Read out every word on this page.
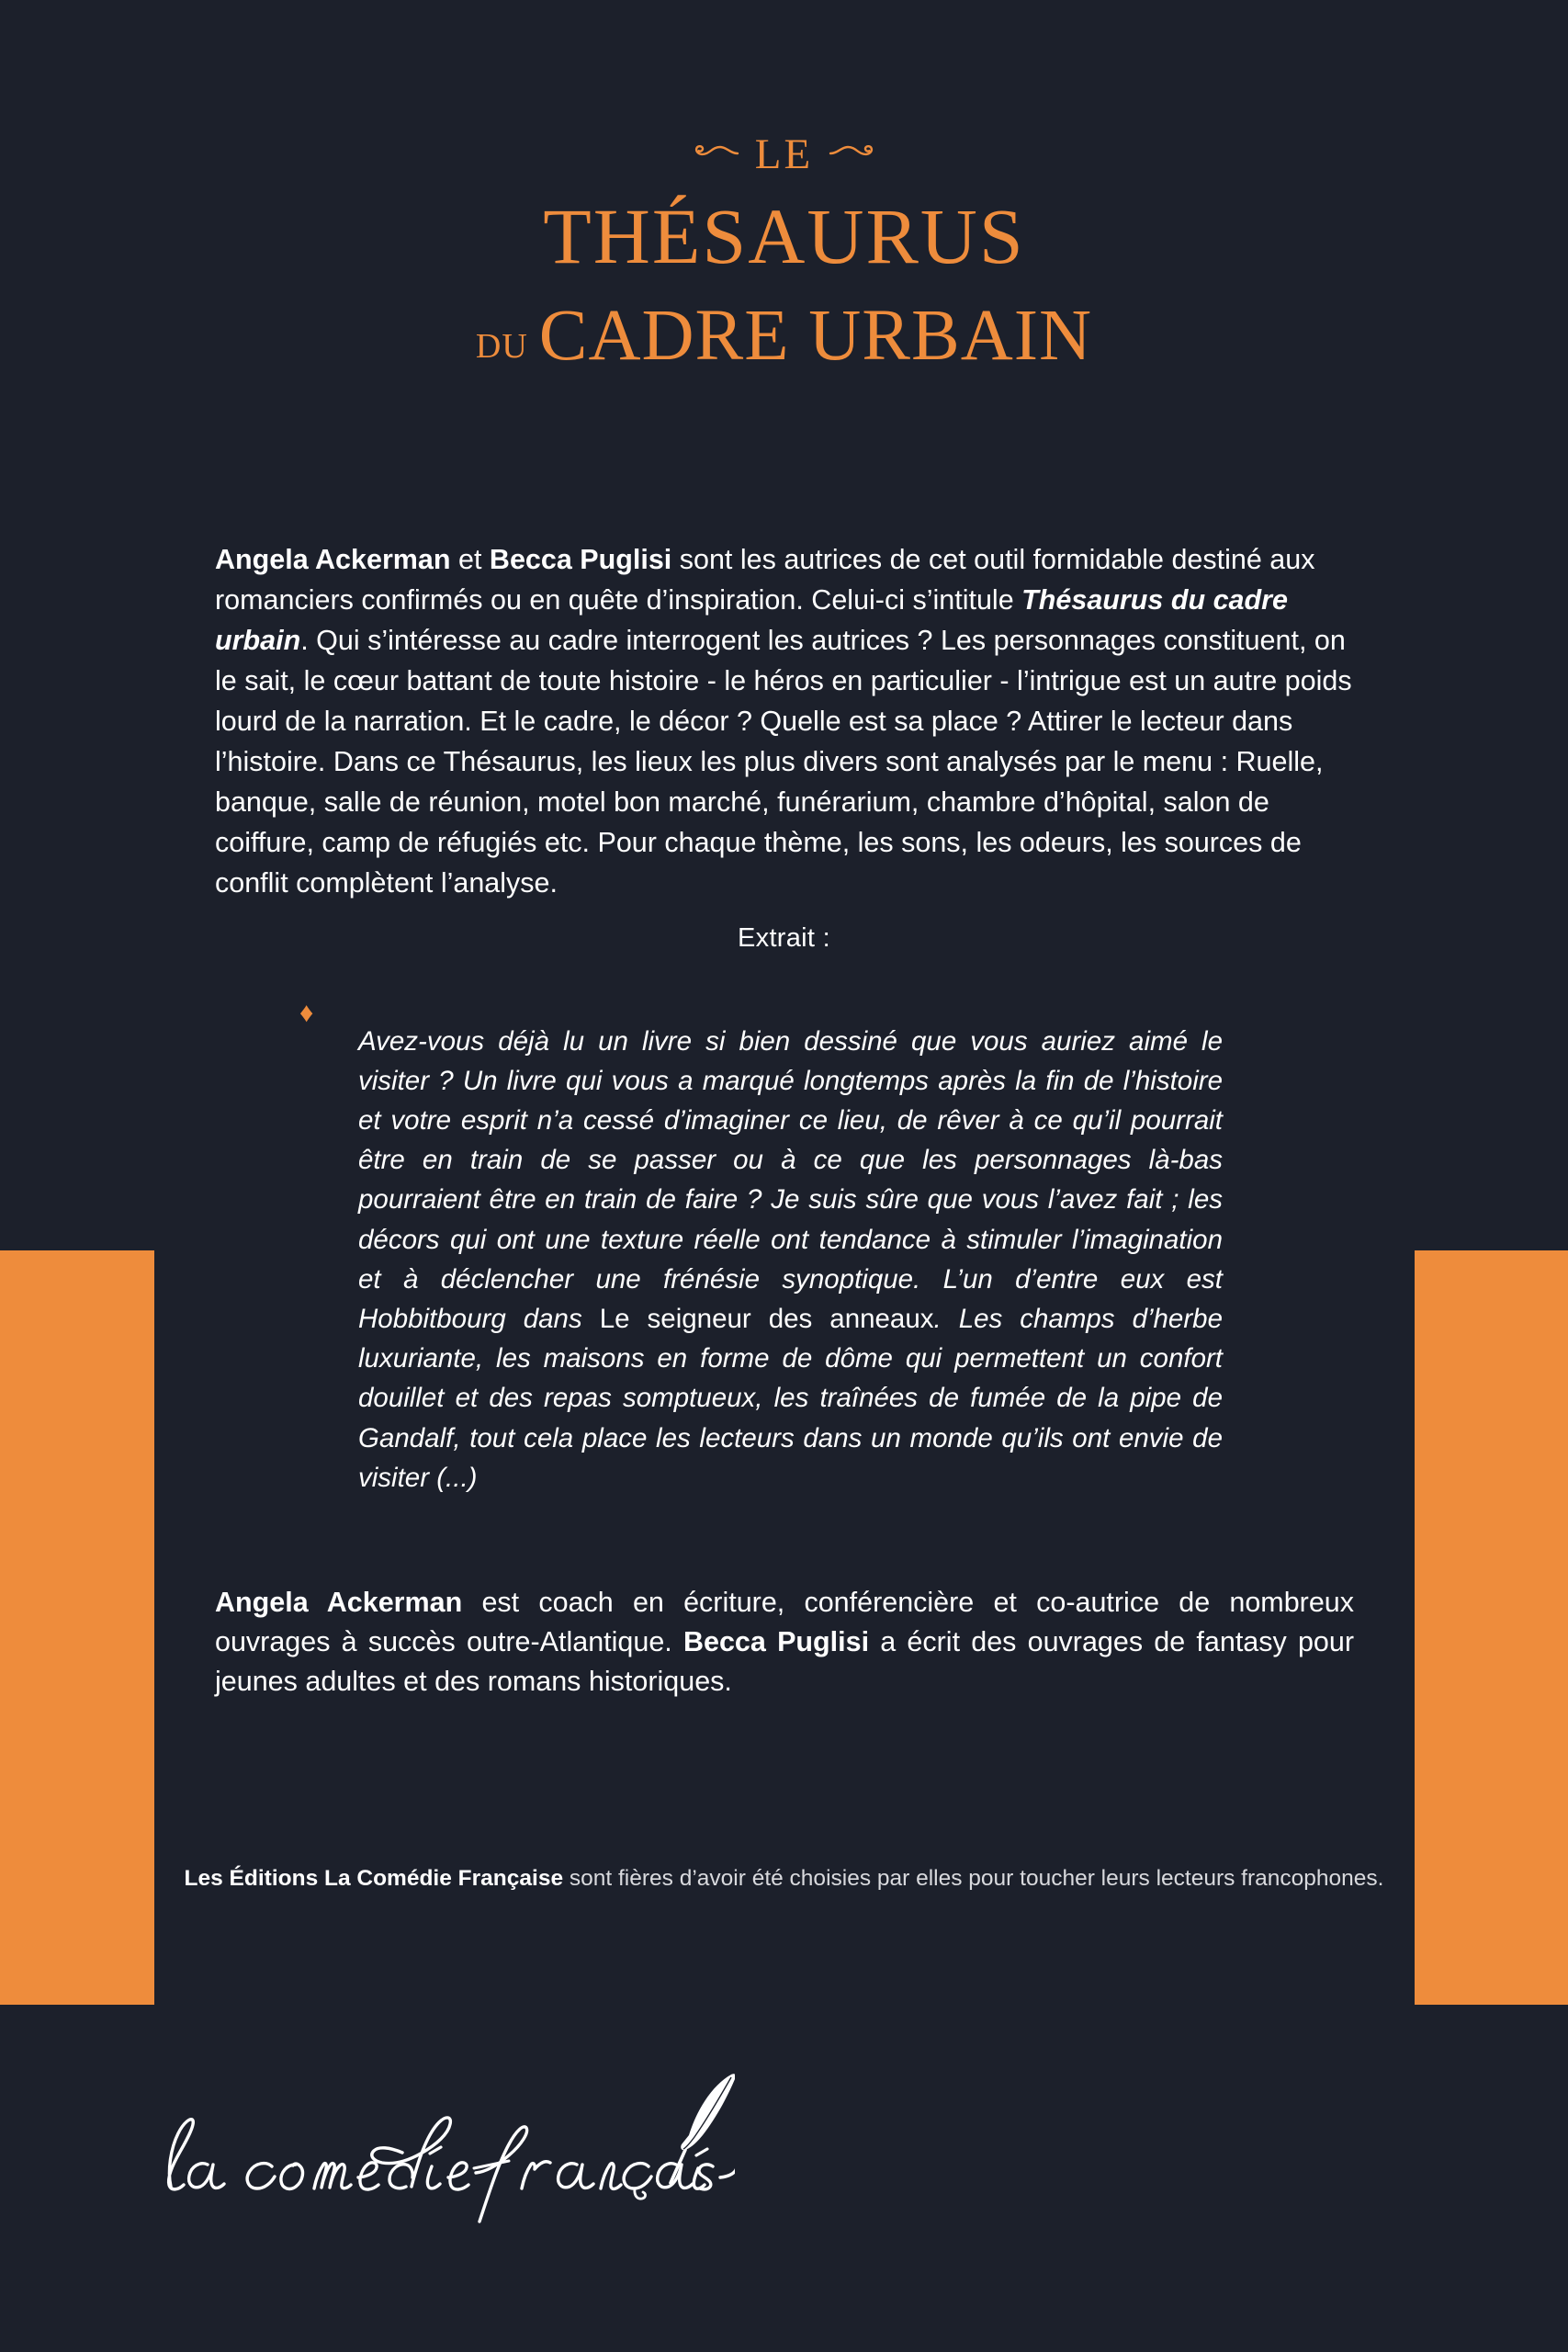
LE
THÉSAURUS
DU CADRE URBAIN

Angela Ackerman et Becca Puglisi sont les autrices de cet outil formidable destiné aux romanciers confirmés ou en quête d’inspiration. Celui-ci s’intitule Thésaurus du cadre urbain. Qui s’intéresse au cadre interrogent les autrices ? Les personnages constituent, on le sait, le cœur battant de toute histoire - le héros en particulier - l’intrigue est un autre poids lourd de la narration. Et le cadre, le décor ? Quelle est sa place ? Attirer le lecteur dans l’histoire. Dans ce Thésaurus, les lieux les plus divers sont analysés par le menu : Ruelle, banque, salle de réunion, motel bon marché, funérarium, chambre d’hôpital, salon de coiffure, camp de réfugiés etc. Pour chaque thème, les sons, les odeurs, les sources de conflit complètent l’analyse.

Extrait :
♦

Avez-vous déjà lu un livre si bien dessiné que vous auriez aimé le visiter ? Un livre qui vous a marqué longtemps après la fin de l’histoire et votre esprit n’a cessé d’imaginer ce lieu, de rêver à ce qu’il pourrait être en train de se passer ou à ce que les personnages là-bas pourraient être en train de faire ? Je suis sûre que vous l’avez fait ; les décors qui ont une texture réelle ont tendance à stimuler l’imagination et à déclencher une frénésie synoptique. L’un d’entre eux est Hobbitbourg dans Le seigneur des anneaux. Les champs d’herbe luxuriante, les maisons en forme de dôme qui permettent un confort douillet et des repas somptueux, les traînées de fumée de la pipe de Gandalf, tout cela place les lecteurs dans un monde qu’ils ont envie de visiter (...)

Angela Ackerman est coach en écriture, conférencière et co-autrice de nombreux ouvrages à succès outre-Atlantique. Becca Puglisi a écrit des ouvrages de fantasy pour jeunes adultes et des romans historiques.

Les Éditions La Comédie Française sont fières d’avoir été choisies par elles pour toucher leurs lecteurs francophones.
